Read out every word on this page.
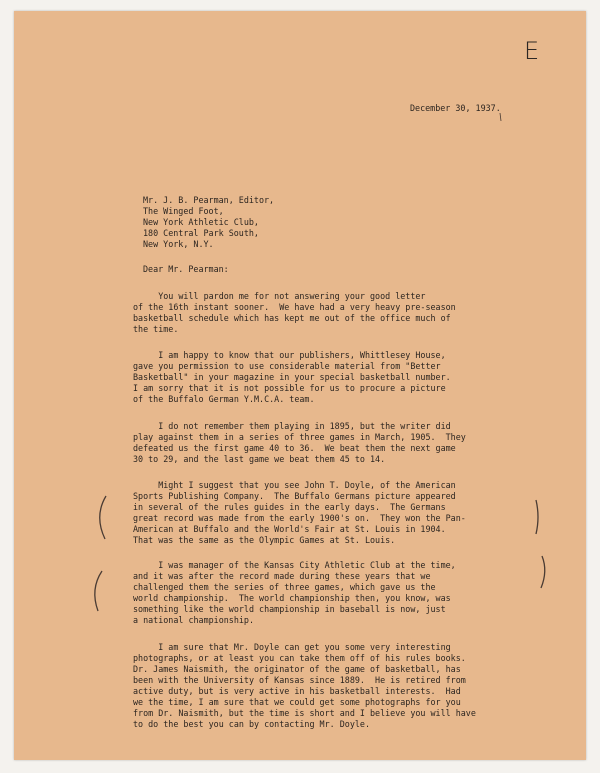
E
December 30, 1937.
Mr. J. B. Pearman, Editor,
The Winged Foot,
New York Athletic Club,
180 Central Park South,
New York, N.Y.
Dear Mr. Pearman:
You will pardon me for not answering your good letter
of the 16th instant sooner.  We have had a very heavy pre-season
basketball schedule which has kept me out of the office much of
the time.
I am happy to know that our publishers, Whittlesey House,
gave you permission to use considerable material from "Better
Basketball" in your magazine in your special basketball number.
I am sorry that it is not possible for us to procure a picture
of the Buffalo German Y.M.C.A. team.
I do not remember them playing in 1895, but the writer did
play against them in a series of three games in March, 1905.  They
defeated us the first game 40 to 36.  We beat them the next game
30 to 29, and the last game we beat them 45 to 14.
Might I suggest that you see John T. Doyle, of the American
Sports Publishing Company.  The Buffalo Germans picture appeared
in several of the rules guides in the early days.  The Germans
great record was made from the early 1900's on.  They won the Pan-
American at Buffalo and the World's Fair at St. Louis in 1904.
That was the same as the Olympic Games at St. Louis.
I was manager of the Kansas City Athletic Club at the time,
and it was after the record made during these years that we
challenged them the series of three games, which gave us the
world championship.  The world championship then, you know, was
something like the world championship in baseball is now, just
a national championship.
I am sure that Mr. Doyle can get you some very interesting
photographs, or at least you can take them off of his rules books.
Dr. James Naismith, the originator of the game of basketball, has
been with the University of Kansas since 1889.  He is retired from
active duty, but is very active in his basketball interests.  Had
we the time, I am sure that we could get some photographs for you
from Dr. Naismith, but the time is short and I believe you will have
to do the best you can by contacting Mr. Doyle.
